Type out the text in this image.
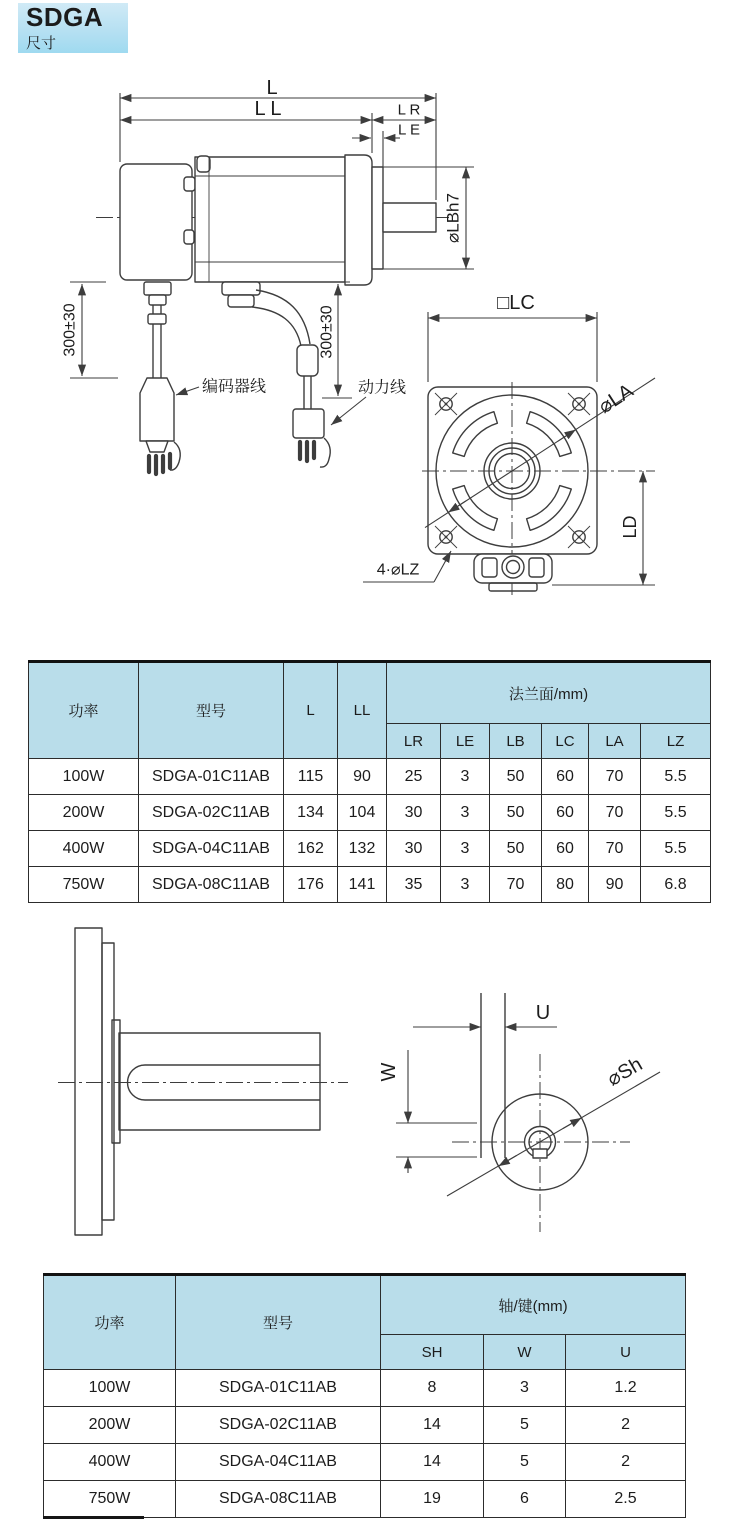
SDGA
尺寸
L
L L	L R
L E
⌀LBh7
300±30
编码器线
300±30
动力线
□LC
⌀LA
LD
4·⌀LZ
功率	型号	L	LL	法兰面/mm)					
				LR	LE	LB	LC	LA	LZ
100W	SDGA-01C11AB	115	90	25	3	50	60	70	5.5
200W	SDGA-02C11AB	134	104	30	3	50	60	70	5.5
400W	SDGA-04C11AB	162	132	30	3	50	60	70	5.5
750W	SDGA-08C11AB	176	141	35	3	70	80	90	6.8
U
W	⌀Sh
功率	型号	轴/键(mm)		
		SH	W	U
100W	SDGA-01C11AB	8	3	1.2
200W	SDGA-02C11AB	14	5	2
400W	SDGA-04C11AB	14	5	2
750W	SDGA-08C11AB	19	6	2.5
